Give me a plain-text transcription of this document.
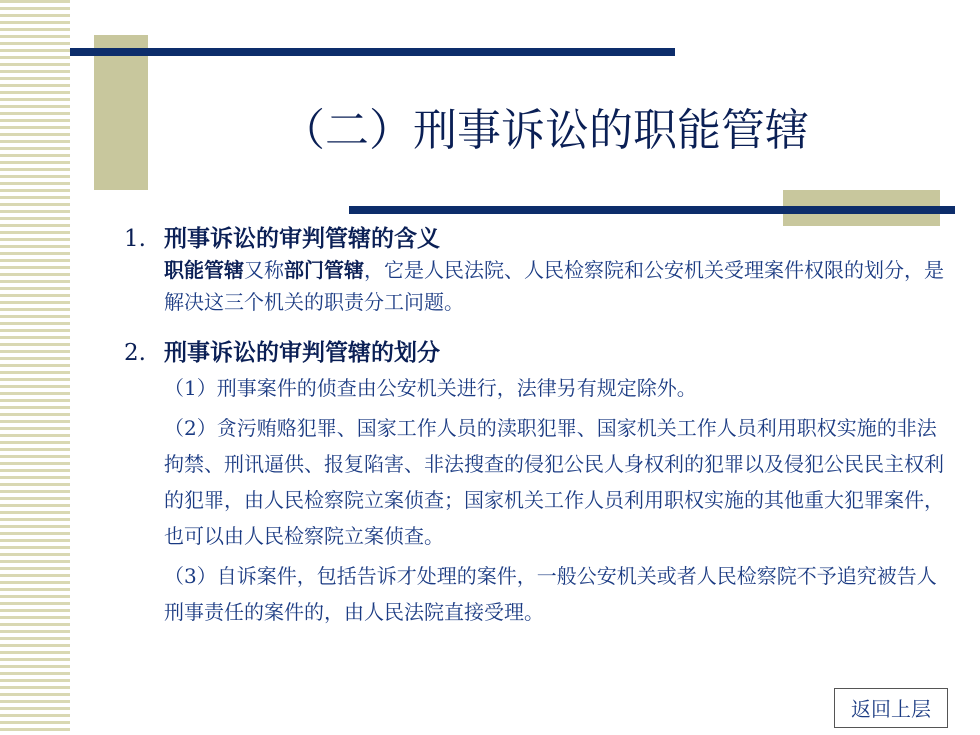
（二）刑事诉讼的职能管辖
1. 刑事诉讼的审判管辖的含义
职能管辖又称部门管辖，它是人民法院、人民检察院和公安机关受理案件权限的划分，是解决这三个机关的职责分工问题。
2. 刑事诉讼的审判管辖的划分
（1）刑事案件的侦查由公安机关进行，法律另有规定除外。
（2）贪污贿赂犯罪、国家工作人员的渎职犯罪、国家机关工作人员利用职权实施的非法拘禁、刑讯逼供、报复陷害、非法搜查的侵犯公民人身权利的犯罪以及侵犯公民民主权利的犯罪，由人民检察院立案侦查；国家机关工作人员利用职权实施的其他重大犯罪案件，也可以由人民检察院立案侦查。
（3）自诉案件，包括告诉才处理的案件，一般公安机关或者人民检察院不予追究被告人刑事责任的案件的，由人民法院直接受理。
返回上层
